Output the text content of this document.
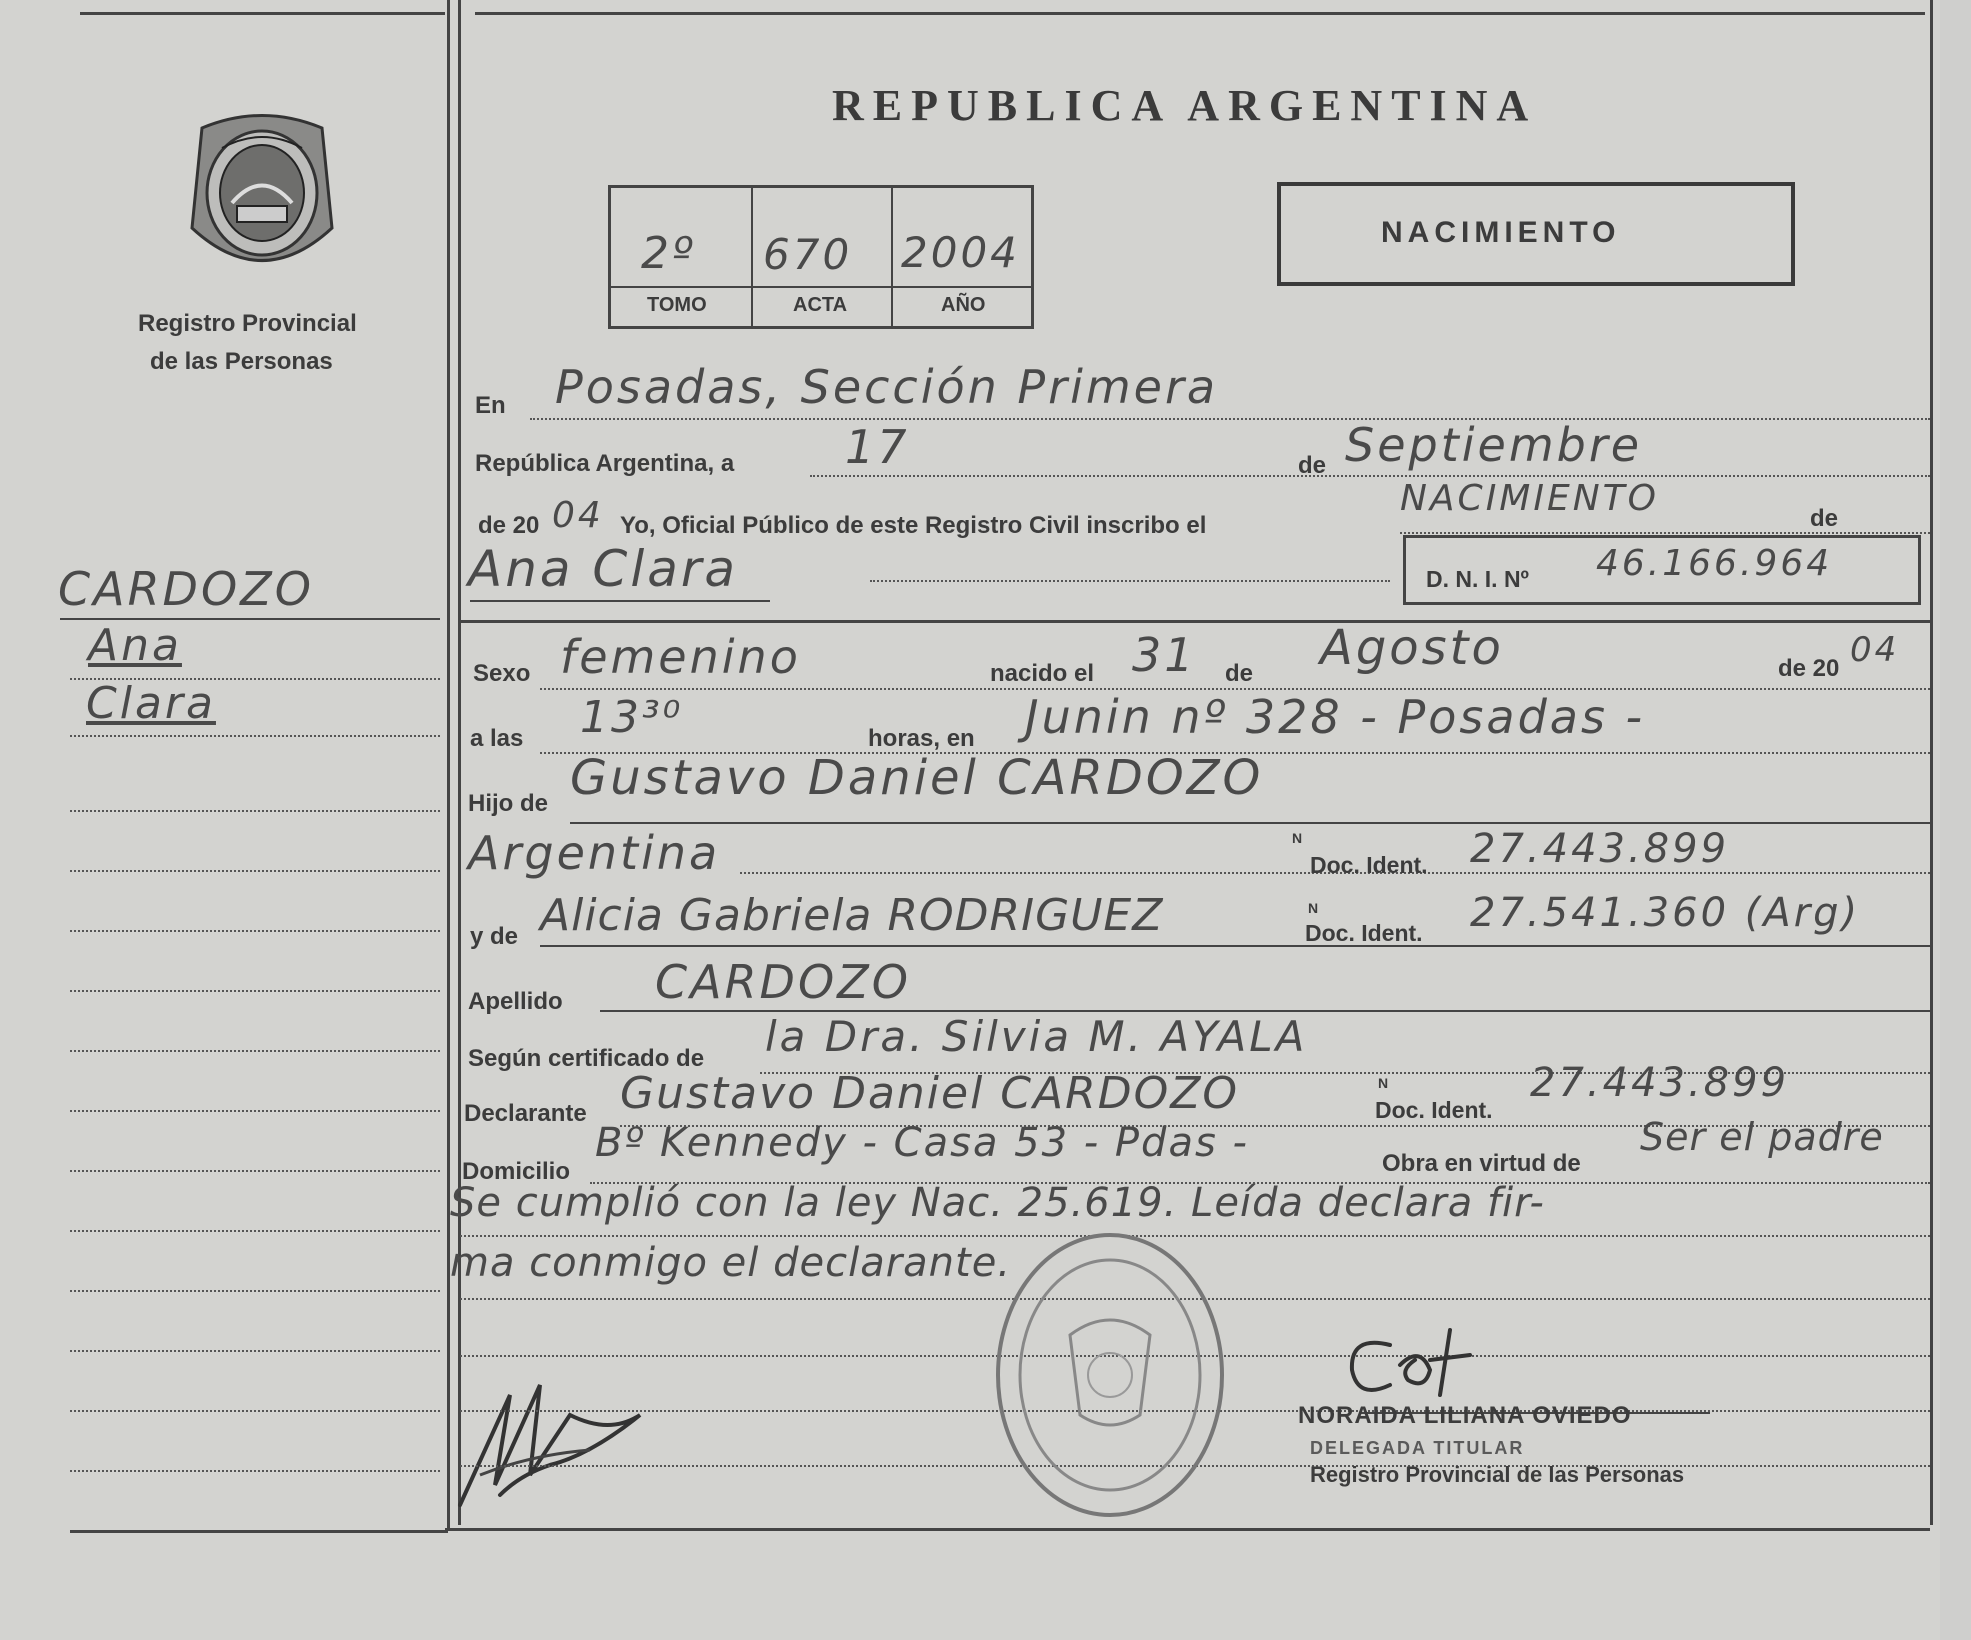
Registro Provincial
de las Personas
CARDOZO
Ana
Clara
REPUBLICA ARGENTINA
2º 670 2004
TOMO	ACTA	AÑO
NACIMIENTO
En Posadas, Sección Primera
República Argentina, a 17	de Septiembre
de 20 04 Yo, Oficial Público de este Registro Civil inscribo el
NACIMIENTO	de
Ana Clara	D. N. I. Nº 46.166.964
Sexo femenino	nacido el 31 de Agosto	de 20 04
a las 13³⁰	horas, en Junin nº 328 - Posadas -
Hijo de Gustavo Daniel CARDOZO
Argentina	N
Doc. Ident. 27.443.899
y de Alicia Gabriela RODRIGUEZ	N
Doc. Ident. 27.541.360 (Arg)
Apellido CARDOZO
Según certificado de la Dra. Silvia M. AYALA
Declarante Gustavo Daniel CARDOZO	N
Doc. Ident.
27.443.899
Domicilio
Bº Kennedy - Casa 53 - Pdas -	Obra en virtud de
Ser el padre
Se cumplió con la ley Nac. 25.619. Leída declara fir-
ma conmigo el declarante.
NORAIDA LILIANA OVIEDO
DELEGADA TITULAR
Registro Provincial de las Personas
